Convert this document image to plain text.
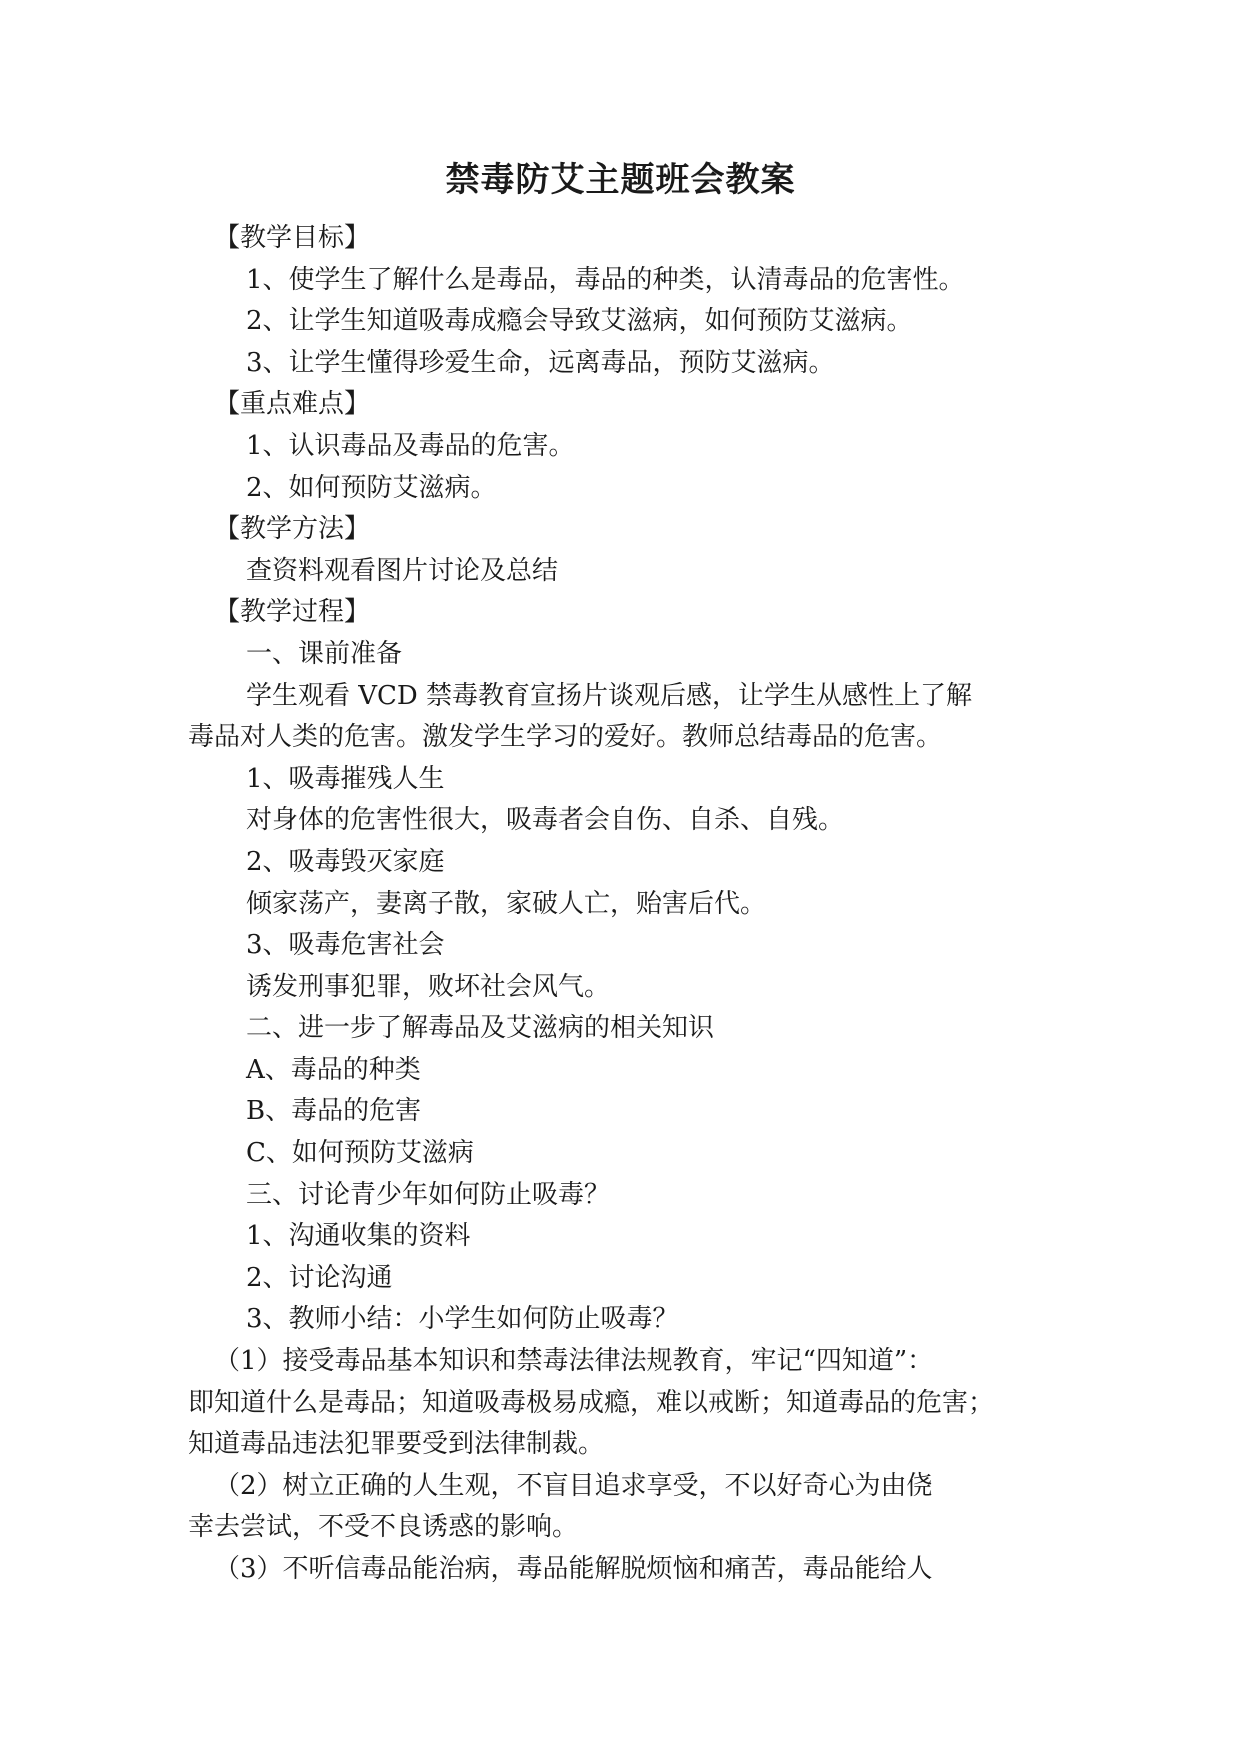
禁毒防艾主题班会教案
【教学目标】
1、使学生了解什么是毒品，毒品的种类，认清毒品的危害性。
2、让学生知道吸毒成瘾会导致艾滋病，如何预防艾滋病。
3、让学生懂得珍爱生命，远离毒品，预防艾滋病。
【重点难点】
1、认识毒品及毒品的危害。
2、如何预防艾滋病。
【教学方法】
查资料观看图片讨论及总结
【教学过程】
一、课前准备
学生观看 VCD 禁毒教育宣扬片谈观后感，让学生从感性上了解
毒品对人类的危害。激发学生学习的爱好。教师总结毒品的危害。
1、吸毒摧残人生
对身体的危害性很大，吸毒者会自伤、自杀、自残。
2、吸毒毁灭家庭
倾家荡产，妻离子散，家破人亡，贻害后代。
3、吸毒危害社会
诱发刑事犯罪，败坏社会风气。
二、进一步了解毒品及艾滋病的相关知识
A、毒品的种类
B、毒品的危害
C、如何预防艾滋病
三、讨论青少年如何防止吸毒？
1、沟通收集的资料
2、讨论沟通
3、教师小结：小学生如何防止吸毒？
（1）接受毒品基本知识和禁毒法律法规教育，牢记“四知道”：
即知道什么是毒品；知道吸毒极易成瘾，难以戒断；知道毒品的危害；
知道毒品违法犯罪要受到法律制裁。
（2）树立正确的人生观，不盲目追求享受，不以好奇心为由侥
幸去尝试，不受不良诱惑的影响。
（3）不听信毒品能治病，毒品能解脱烦恼和痛苦，毒品能给人
